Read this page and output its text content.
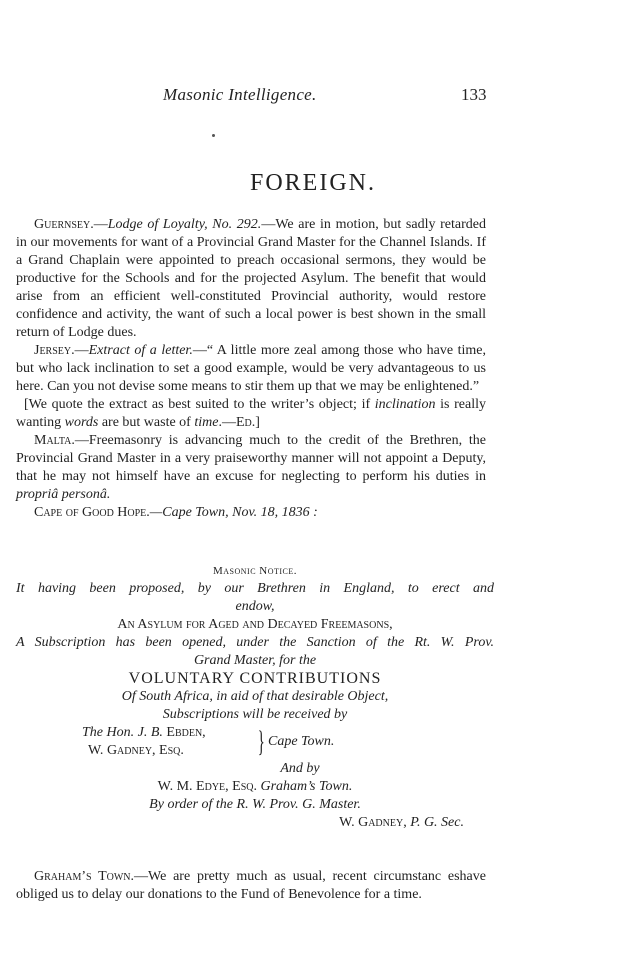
Masonic Intelligence.	133
FOREIGN.

Guernsey.—Lodge of Loyalty, No. 292.—We are in motion, but sadly retarded in our movements for want of a Provincial Grand Master for the Channel Islands. If a Grand Chaplain were appointed to preach occasional sermons, they would be productive for the Schools and for the projected Asylum. The benefit that would arise from an efficient well-constituted Provincial authority, would restore confidence and activity, the want of such a local power is best shown in the small return of Lodge dues.

Jersey.—Extract of a letter.—“ A little more zeal among those who have time, but who lack inclination to set a good example, would be very advantageous to us here. Can you not devise some means to stir them up that we may be enlightened.”

[We quote the extract as best suited to the writer’s object; if inclination is really wanting words are but waste of time.—Ed.]

Malta.—Freemasonry is advancing much to the credit of the Brethren, the Provincial Grand Master in a very praiseworthy manner will not appoint a Deputy, that he may not himself have an excuse for neglecting to perform his duties in propriâ personâ.

Cape of Good Hope.—Cape Town, Nov. 18, 1836 :

Masonic Notice.
It having been proposed, by our Brethren in England, to erect and
endow,
An Asylum for Aged and Decayed Freemasons,
A Subscription has been opened, under the Sanction of the Rt. W. Prov.
Grand Master, for the
VOLUNTARY CONTRIBUTIONS
Of South Africa, in aid of that desirable Object,
Subscriptions will be received by
The Hon. J. B. Ebden,
W. Gadney, Esq. } Cape Town.
And by
W. M. Edye, Esq. Graham’s Town.
By order of the R. W. Prov. G. Master.
W. Gadney, P. G. Sec.

Graham’s Town.—We are pretty much as usual, recent circumstanc eshave obliged us to delay our donations to the Fund of Benevolence for a time.
